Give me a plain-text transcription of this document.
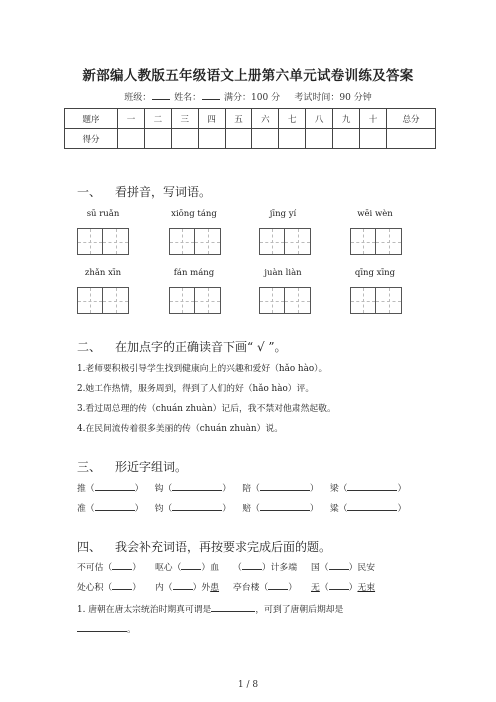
新部编人教版五年级语文上册第六单元试卷训练及答案
班级：	姓名：	满分：100 分 考试时间：90 分钟
题序	一	二	三	四	五	六	七	八	九	十	总分
得分											
一、 看拼音，写词语。
sū ruǎn	xiōng táng	jīng yí	wēi wèn
zhǎn xīn	fán máng	juàn liàn	qīng xīng
二、 在加点字的正确读音下画“ √ ”。
1.老师要积极引导学生找到健康向上的兴趣和爱好（hǎo hào）。
2.她工作热情，服务周到，得到了人们的好（hǎo hào）评。
3.看过周总理的传（chuán zhuàn）记后，我不禁对他肃然起敬。
4.在民间流传着很多美丽的传（chuán zhuàn）说。
三、 形近字组词。
推（	） 钩（	） 陪（	） 梁（	）
准（	） 钧（	） 赔（	） 粱（	）
四、 我会补充词语，再按要求完成后面的题。
不可估（ ） 呕心（ ）血 （ ）计多端 国（ ）民安
处心积（ ） 内（ ）外患 亭台楼（ ） 无（ ）无束
1. 唐朝在唐太宗统治时期真可谓是	，可到了唐朝后期却是
。
1 / 8
